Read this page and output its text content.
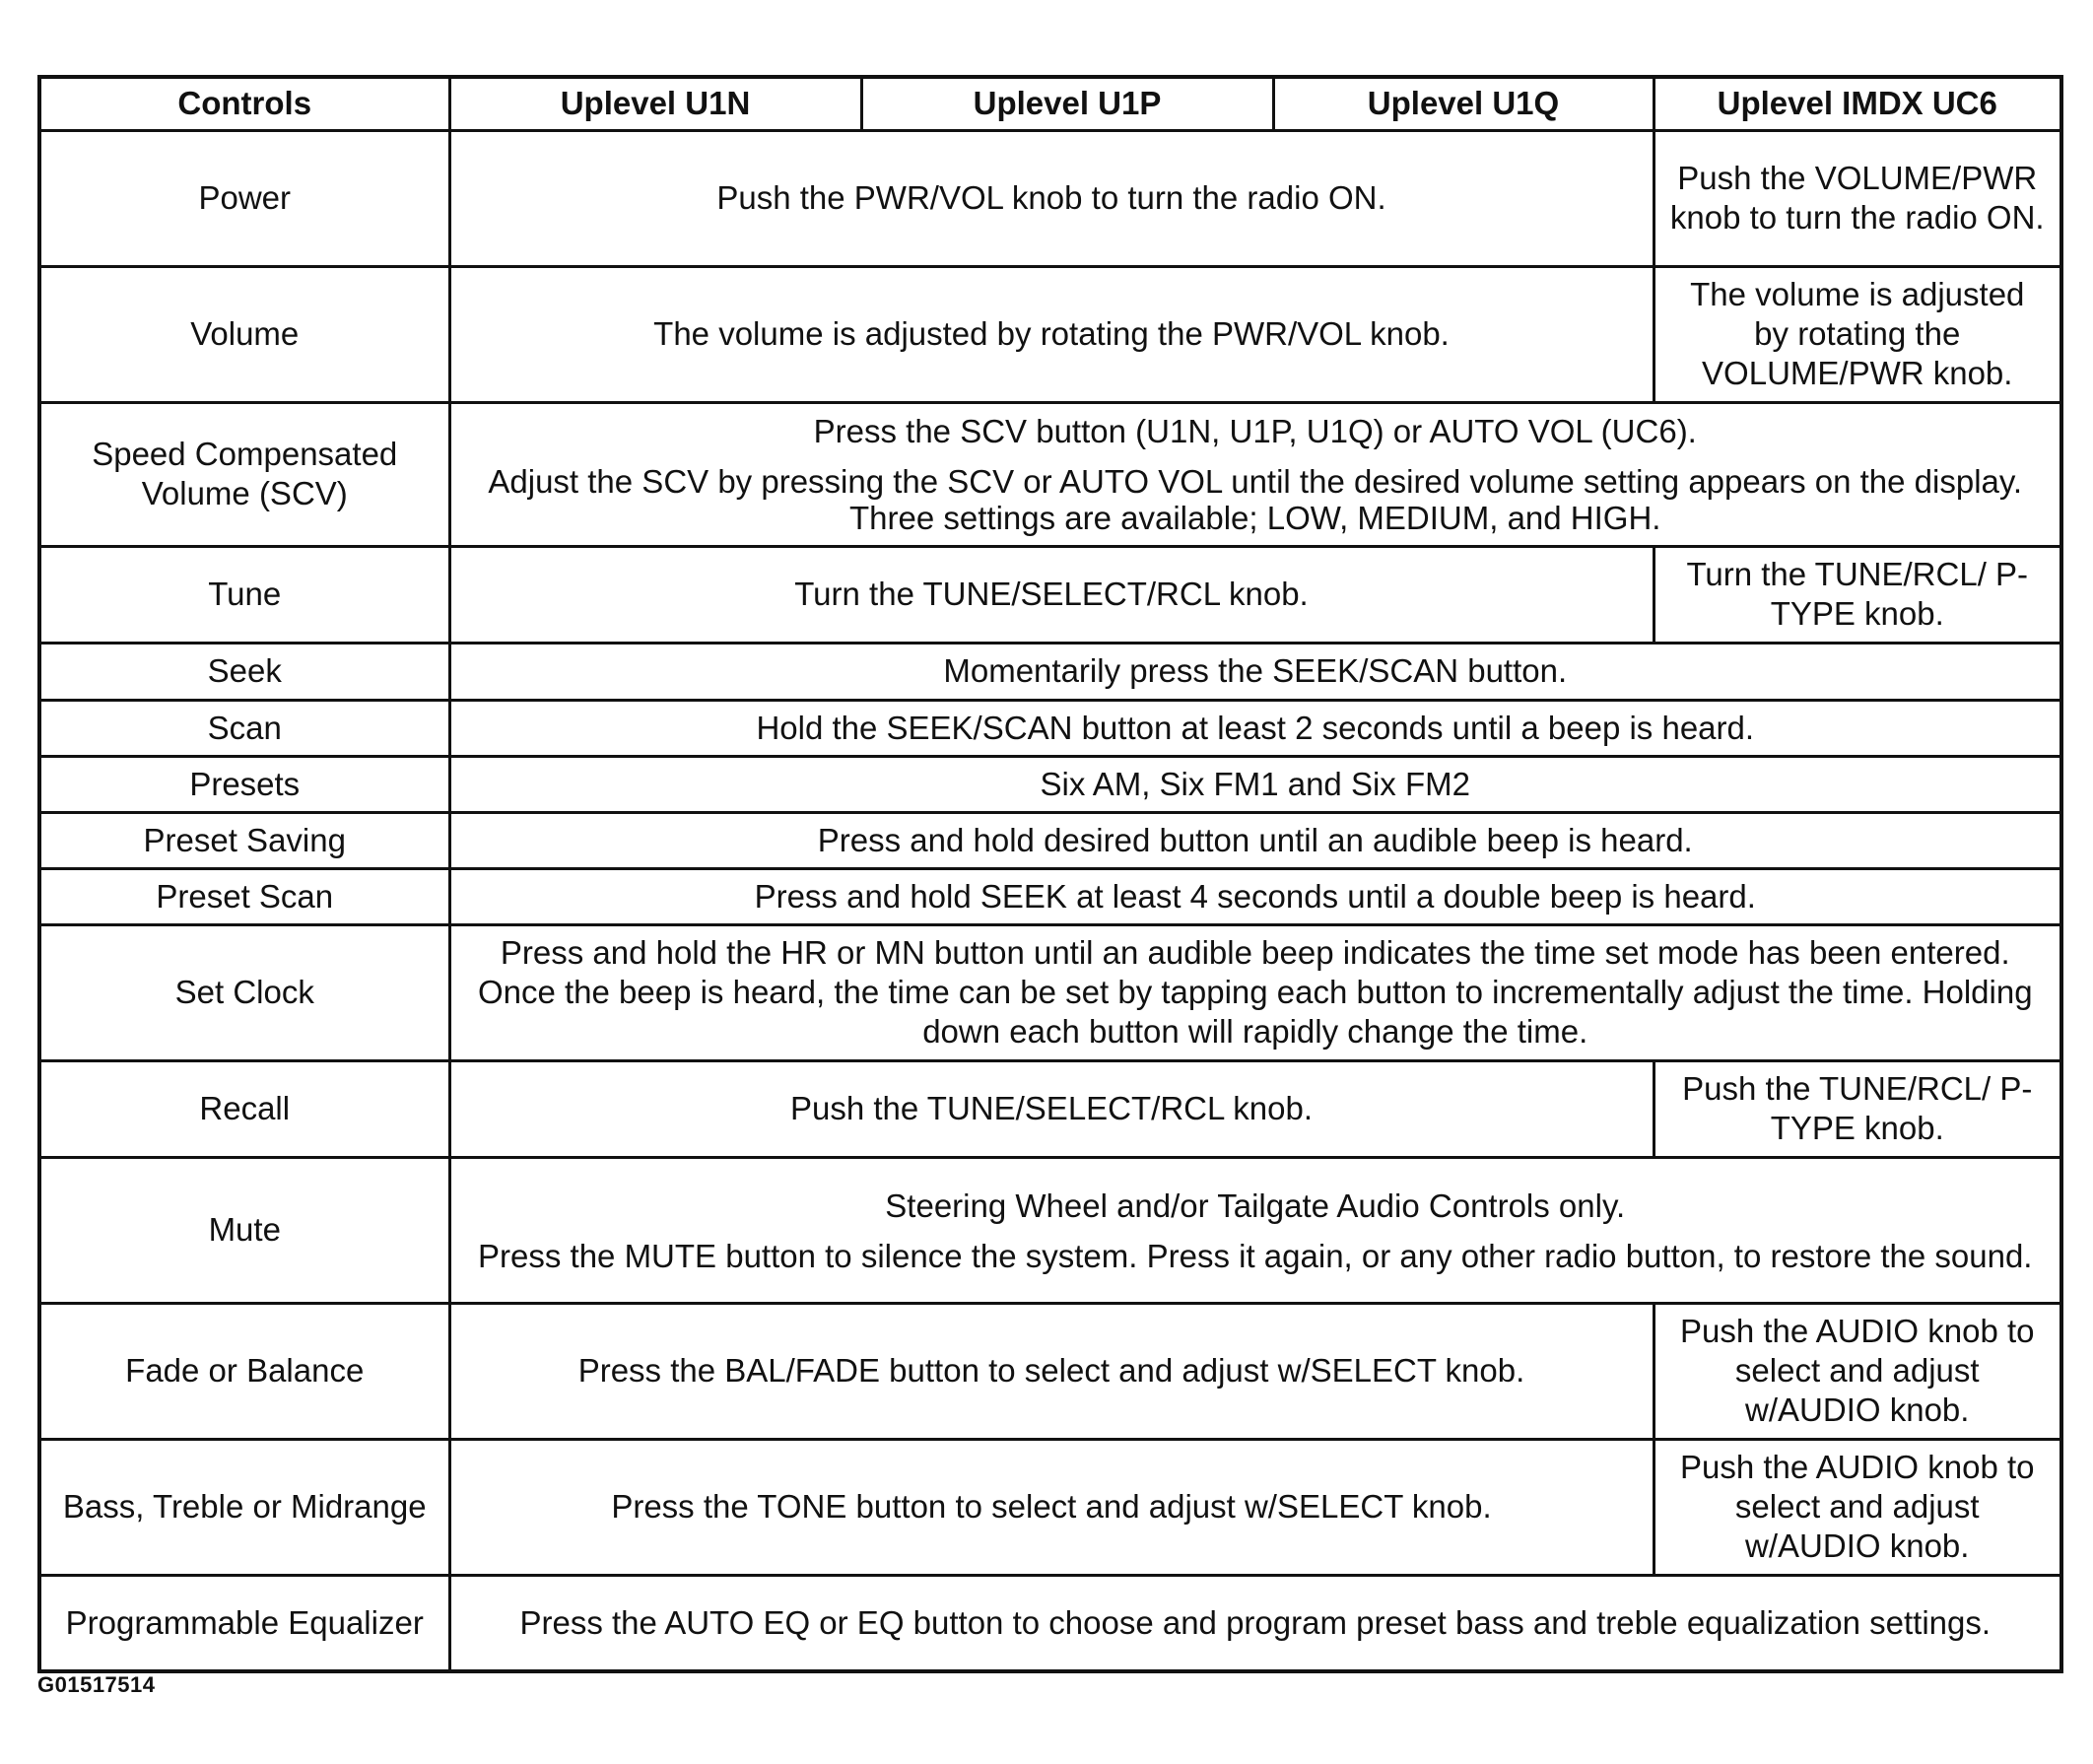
Controls	Uplevel U1N	Uplevel U1P	Uplevel U1Q	Uplevel IMDX UC6
Power	Push the PWR/VOL knob to turn the radio ON.			Push the VOLUME/PWR knob to turn the radio ON.
Volume	The volume is adjusted by rotating the PWR/VOL knob.			The volume is adjusted by rotating the VOLUME/PWR knob.
Speed Compensated Volume (SCV)	Press the SCV button (U1N, U1P, U1Q) or AUTO VOL (UC6).

Adjust the SCV by pressing the SCV or AUTO VOL until the desired volume setting appears on the display. Three settings are available; LOW, MEDIUM, and HIGH.			

Tune	Turn the TUNE/SELECT/RCL knob.			Turn the TUNE/RCL/ P-TYPE knob.
Seek	Momentarily press the SEEK/SCAN button.			
Scan	Hold the SEEK/SCAN button at least 2 seconds until a beep is heard.			
Presets	Six AM, Six FM1 and Six FM2			
Preset Saving	Press and hold desired button until an audible beep is heard.			
Preset Scan	Press and hold SEEK at least 4 seconds until a double beep is heard.			
Set Clock	Press and hold the HR or MN button until an audible beep indicates the time set mode has been entered. Once the beep is heard, the time can be set by tapping each button to incrementally adjust the time. Holding down each button will rapidly change the time.			
Recall	Push the TUNE/SELECT/RCL knob.			Push the TUNE/RCL/ P-TYPE knob.
Mute	Steering Wheel and/or Tailgate Audio Controls only.

Press the MUTE button to silence the system. Press it again, or any other radio button, to restore the sound.			

Fade or Balance	Press the BAL/FADE button to select and adjust w/SELECT knob.			Push the AUDIO knob to select and adjust w/AUDIO knob.
Bass, Treble or Midrange	Press the TONE button to select and adjust w/SELECT knob.			Push the AUDIO knob to select and adjust w/AUDIO knob.
Programmable Equalizer	Press the AUTO EQ or EQ button to choose and program preset bass and treble equalization settings.			
G01517514
